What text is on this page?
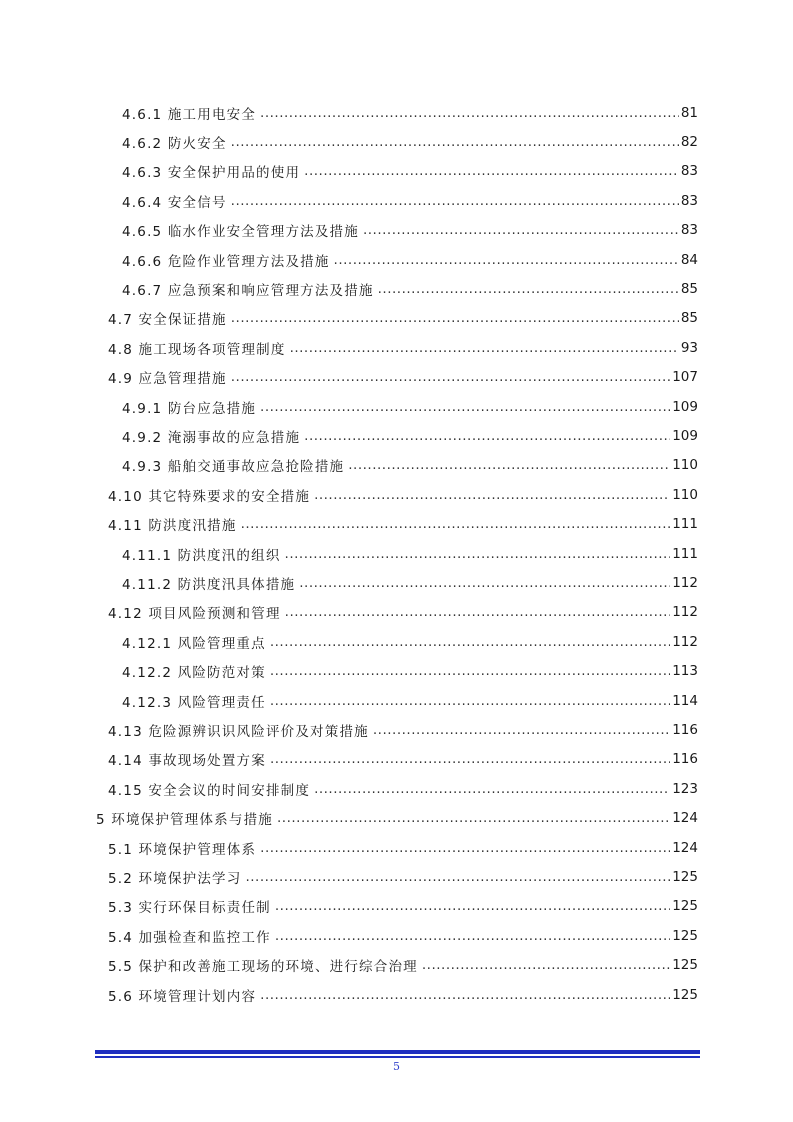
4.6.1 施工用电安全 .....	81
4.6.2 防火安全 .....	82
4.6.3 安全保护用品的使用 .....	83
4.6.4 安全信号 .....	83
4.6.5 临水作业安全管理方法及措施 .....	83
4.6.6 危险作业管理方法及措施 .....	84
4.6.7 应急预案和响应管理方法及措施 .....	85
4.7 安全保证措施 .....	85
4.8 施工现场各项管理制度 .....	93
4.9 应急管理措施 .....	107
4.9.1 防台应急措施 .....	109
4.9.2 淹溺事故的应急措施 .....	109
4.9.3 船舶交通事故应急抢险措施 .....	110
4.10 其它特殊要求的安全措施 .....	110
4.11 防洪度汛措施 .....	111
4.11.1 防洪度汛的组织 .....	111
4.11.2 防洪度汛具体措施 .....	112
4.12 项目风险预测和管理 .....	112
4.12.1 风险管理重点 .....	112
4.12.2 风险防范对策 .....	113
4.12.3 风险管理责任 .....	114
4.13 危险源辨识识风险评价及对策措施 .....	116
4.14 事故现场处置方案 .....	116
4.15 安全会议的时间安排制度 .....	123
5 环境保护管理体系与措施 .....	124
5.1 环境保护管理体系 .....	124
5.2 环境保护法学习 .....	125
5.3 实行环保目标责任制 .....	125
5.4 加强检查和监控工作 .....	125
5.5 保护和改善施工现场的环境、进行综合治理 .....	125
5.6 环境管理计划内容 .....	125
5
